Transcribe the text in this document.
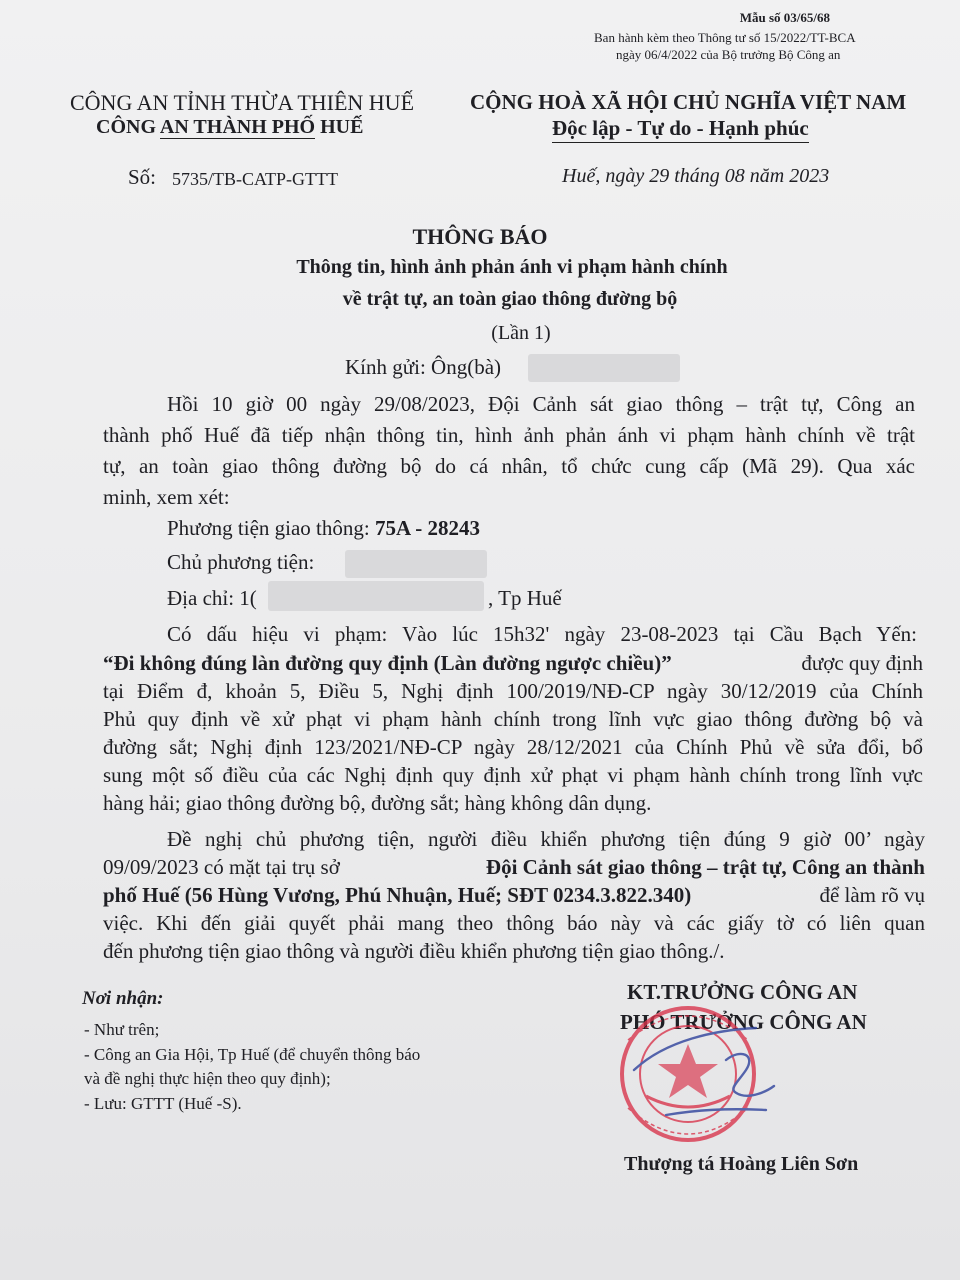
Mẫu số 03/65/68
Ban hành kèm theo Thông tư số 15/2022/TT-BCA
ngày 06/4/2022 của Bộ trưởng Bộ Công an
CÔNG AN TỈNH THỪA THIÊN HUẾ
CÔNG AN THÀNH PHỐ HUẾ
CỘNG HOÀ XÃ HỘI CHỦ NGHĨA VIỆT NAM
Độc lập - Tự do - Hạnh phúc
Số: 5735/TB-CATP-GTTT	Huế, ngày 29 tháng 08 năm 2023
THÔNG BÁO
Thông tin, hình ảnh phản ánh vi phạm hành chính
về trật tự, an toàn giao thông đường bộ
(Lần 1)
Kính gửi: Ông(bà)
Hồi 10 giờ 00 ngày 29/08/2023, Đội Cảnh sát giao thông – trật tự, Công an
thành phố Huế đã tiếp nhận thông tin, hình ảnh phản ánh vi phạm hành chính về trật
tự, an toàn giao thông đường bộ do cá nhân, tổ chức cung cấp (Mã 29). Qua xác
minh, xem xét:
Phương tiện giao thông: 75A - 28243
Chủ phương tiện:
Địa chỉ: 1(	, Tp Huế
Có dấu hiệu vi phạm: Vào lúc 15h32' ngày 23-08-2023 tại Cầu Bạch Yến:
“Đi không đúng làn đường quy định (Làn đường ngược chiều)”	được quy định
tại Điểm đ, khoản 5, Điều 5, Nghị định 100/2019/NĐ-CP ngày 30/12/2019 của Chính
Phủ quy định về xử phạt vi phạm hành chính trong lĩnh vực giao thông đường bộ và
đường sắt; Nghị định 123/2021/NĐ-CP ngày 28/12/2021 của Chính Phủ về sửa đổi, bổ
sung một số điều của các Nghị định quy định xử phạt vi phạm hành chính trong lĩnh vực
hàng hải; giao thông đường bộ, đường sắt; hàng không dân dụng.
Đề nghị chủ phương tiện, người điều khiển phương tiện đúng 9 giờ 00’ ngày
09/09/2023 có mặt tại trụ sở	Đội Cảnh sát giao thông – trật tự, Công an thành
phố Huế (56 Hùng Vương, Phú Nhuận, Huế; SĐT 0234.3.822.340)	để làm rõ vụ
việc. Khi đến giải quyết phải mang theo thông báo này và các giấy tờ có liên quan
đến phương tiện giao thông và người điều khiển phương tiện giao thông./.
Nơi nhận:
- Như trên;
- Công an Gia Hội, Tp Huế (để chuyển thông báo
và đề nghị thực hiện theo quy định);
- Lưu: GTTT (Huế -S).
KT.TRƯỞNG CÔNG AN
PHÓ TRƯỞNG CÔNG AN
Thượng tá Hoàng Liên Sơn
